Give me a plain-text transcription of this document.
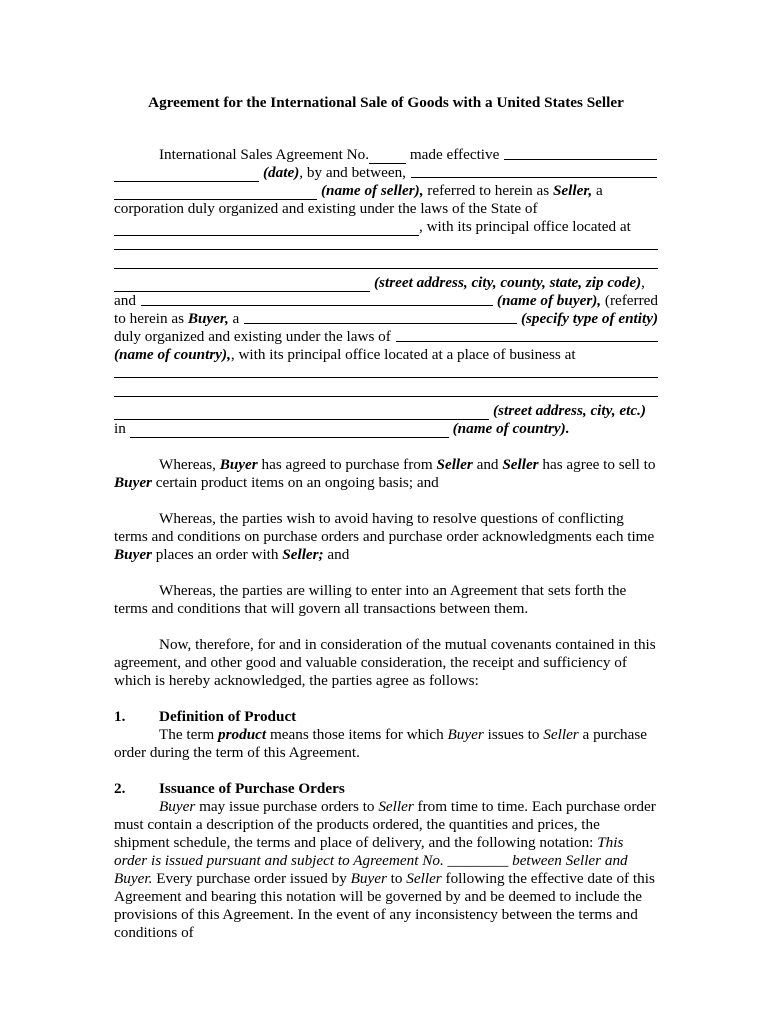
Agreement for the International Sale of Goods with a United States Seller
International Sales Agreement No. made effective
(date) , by and between,
(name of seller) , referred to herein as Seller, a
corporation duly organized and existing under the laws of the State of
, with its principal office located at
(street address, city, county, state, zip code) ,
and	(name of buyer), (referred
to herein as Buyer, a	(specify type of entity)
duly organized and existing under the laws of
(name of country),, with its principal office located at a place of business at
(street address, city, etc.)
in	(name of country) .
Whereas, Buyer has agreed to purchase from Seller and Seller has agree to sell to Buyer certain product items on an ongoing basis; and
Whereas, the parties wish to avoid having to resolve questions of conflicting terms and conditions on purchase orders and purchase order acknowledgments each time Buyer places an order with Seller; and
Whereas, the parties are willing to enter into an Agreement that sets forth the terms and conditions that will govern all transactions between them.
Now, therefore, for and in consideration of the mutual covenants contained in this agreement, and other good and valuable consideration, the receipt and sufficiency of which is hereby acknowledged, the parties agree as follows:
1.	Definition of Product
The term product means those items for which Buyer issues to Seller a purchase order during the term of this Agreement.
2.	Issuance of Purchase Orders
Buyer may issue purchase orders to Seller from time to time. Each purchase order must contain a description of the products ordered, the quantities and prices, the shipment schedule, the terms and place of delivery, and the following notation: This order is issued pursuant and subject to Agreement No. ________ between Seller and Buyer. Every purchase order issued by Buyer to Seller following the effective date of this Agreement and bearing this notation will be governed by and be deemed to include the provisions of this Agreement. In the event of any inconsistency between the terms and conditions of
